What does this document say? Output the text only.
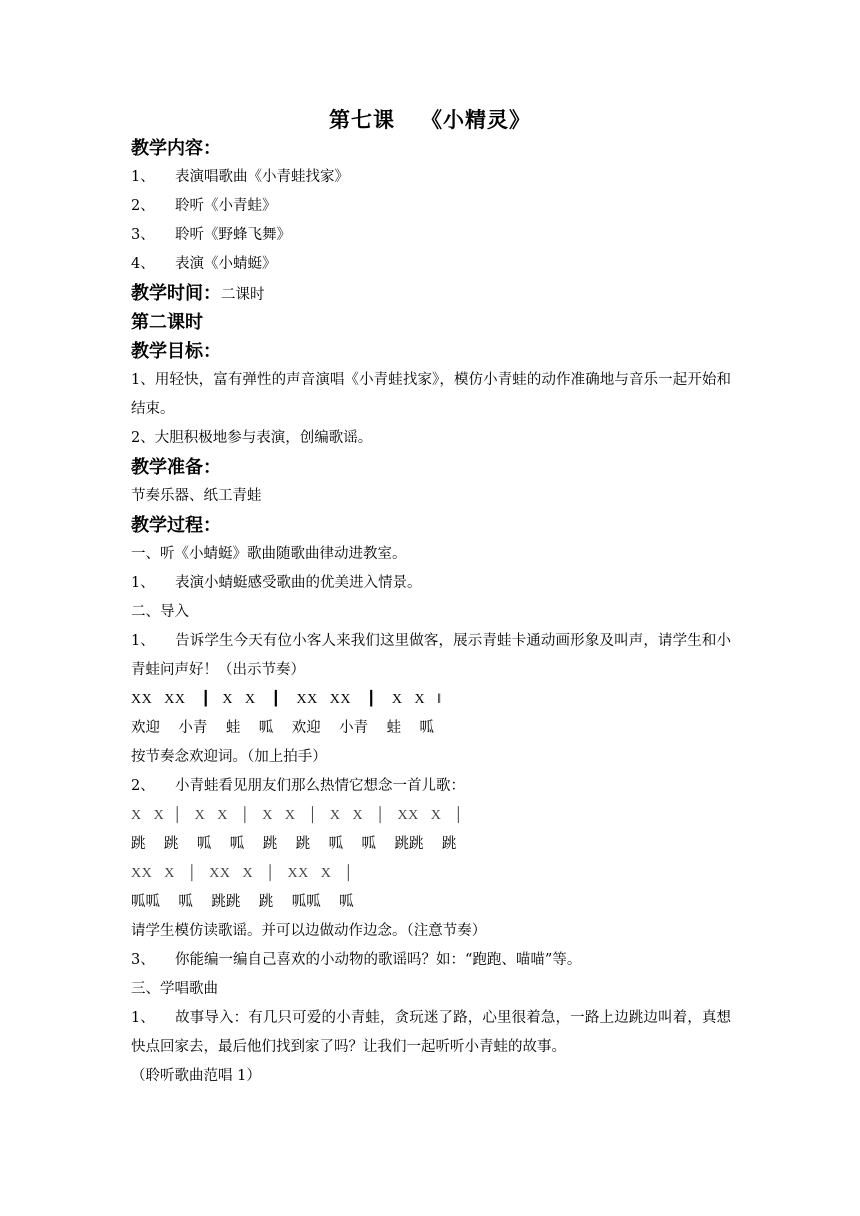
第七课 《小精灵》
教学内容：
1、 表演唱歌曲《小青蛙找家》
2、 聆听《小青蛙》
3、 聆听《野蜂飞舞》
4、 表演《小蜻蜓》
教学时间：二课时
第二课时
教学目标：
1、用轻快，富有弹性的声音演唱《小青蛙找家》，模仿小青蛙的动作准确地与音乐一起开始和结束。
2、大胆积极地参与表演，创编歌谣。
教学准备：
节奏乐器、纸工青蛙
教学过程：
一、听《小蜻蜓》歌曲随歌曲律动进教室。
1、 表演小蜻蜓感受歌曲的优美进入情景。
二、导入
1、 告诉学生今天有位小客人来我们这里做客，展示青蛙卡通动画形象及叫声，请学生和小青蛙问声好！（出示节奏）
XX   XX    ┃   X   X    ┃    XX   XX    ┃    X   X   ‖
欢迎    小青    蛙    呱    欢迎    小青    蛙    呱
按节奏念欢迎词。（加上拍手）
2、 小青蛙看见朋友们那么热情它想念一首儿歌：
X   X  │   X   X   │   X   X   │   X   X   │   XX   X   │
跳    跳    呱    呱    跳    跳    呱    呱    跳跳    跳
XX   X   │   XX   X   │   XX   X   │
呱呱    呱    跳跳    跳    呱呱    呱
请学生模仿读歌谣。并可以边做动作边念。（注意节奏）
3、 你能编一编自己喜欢的小动物的歌谣吗？如：“跑跑、喵喵”等。
三、学唱歌曲
1、 故事导入：有几只可爱的小青蛙，贪玩迷了路，心里很着急，一路上边跳边叫着，真想快点回家去，最后他们找到家了吗？让我们一起听听小青蛙的故事。
（聆听歌曲范唱 1）
